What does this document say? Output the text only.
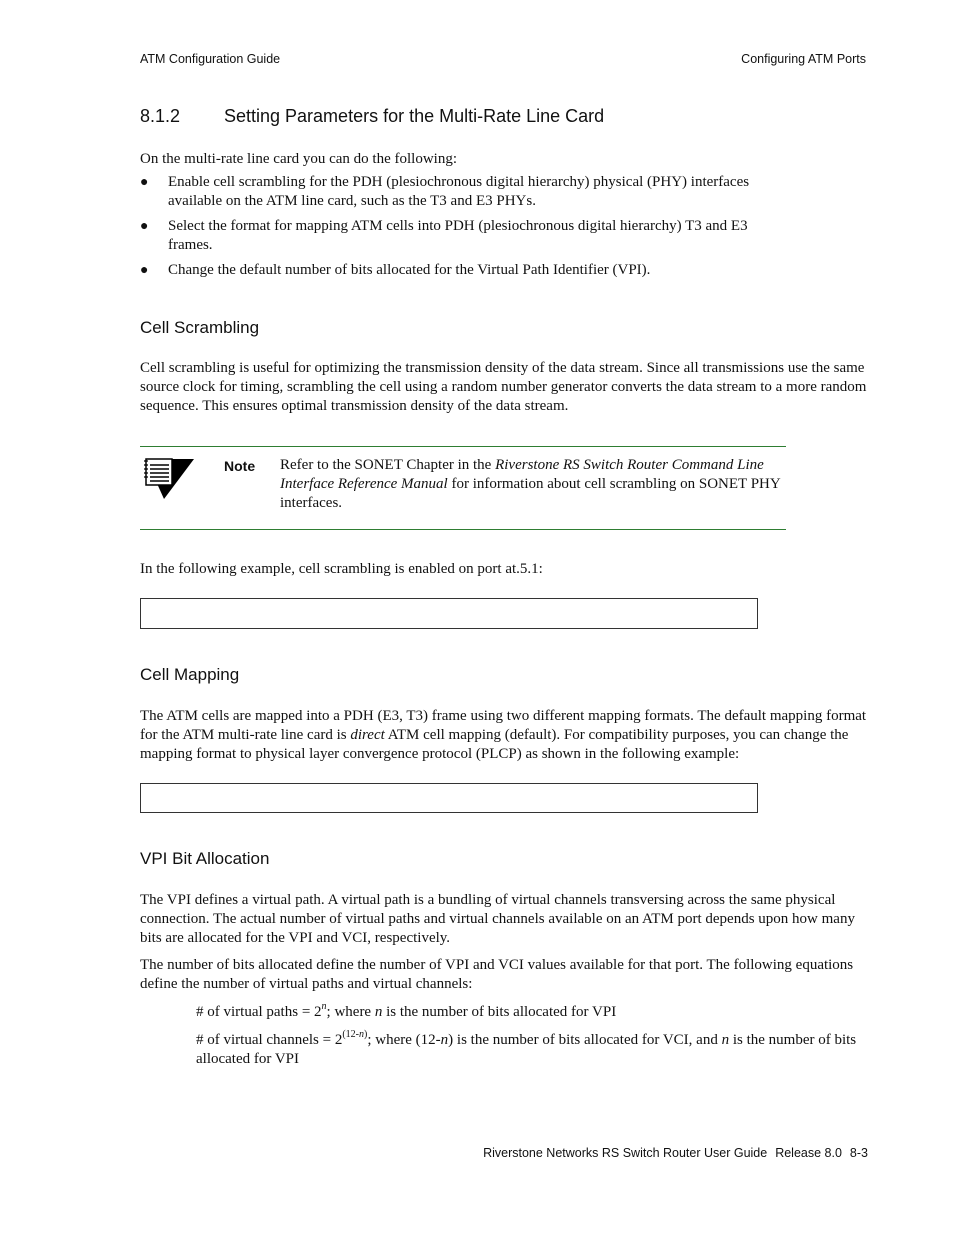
ATM Configuration Guide	Configuring ATM Ports
8.1.2 Setting Parameters for the Multi-Rate Line Card
On the multi-rate line card you can do the following:
● Enable cell scrambling for the PDH (plesiochronous digital hierarchy) physical (PHY) interfaces available on the ATM line card, such as the T3 and E3 PHYs.
● Select the format for mapping ATM cells into PDH (plesiochronous digital hierarchy) T3 and E3 frames.
● Change the default number of bits allocated for the Virtual Path Identifier (VPI).
Cell Scrambling
Cell scrambling is useful for optimizing the transmission density of the data stream. Since all transmissions use the same source clock for timing, scrambling the cell using a random number generator converts the data stream to a more random sequence. This ensures optimal transmission density of the data stream.
Note Refer to the SONET Chapter in the Riverstone RS Switch Router Command Line Interface Reference Manual for information about cell scrambling on SONET PHY interfaces.
In the following example, cell scrambling is enabled on port at.5.1:
Cell Mapping
The ATM cells are mapped into a PDH (E3, T3) frame using two different mapping formats. The default mapping format for the ATM multi-rate line card is direct ATM cell mapping (default). For compatibility purposes, you can change the mapping format to physical layer convergence protocol (PLCP) as shown in the following example:
VPI Bit Allocation
The VPI defines a virtual path. A virtual path is a bundling of virtual channels transversing across the same physical connection. The actual number of virtual paths and virtual channels available on an ATM port depends upon how many bits are allocated for the VPI and VCI, respectively.
The number of bits allocated define the number of VPI and VCI values available for that port. The following equations define the number of virtual paths and virtual channels:
# of virtual paths = $2^n$; where n is the number of bits allocated for VPI
# of virtual channels = $2^{(12-n)}$; where (12-n) is the number of bits allocated for VCI, and n is the number of bits allocated for VPI
Riverstone Networks RS Switch Router User Guide Release 8.0 8-3
